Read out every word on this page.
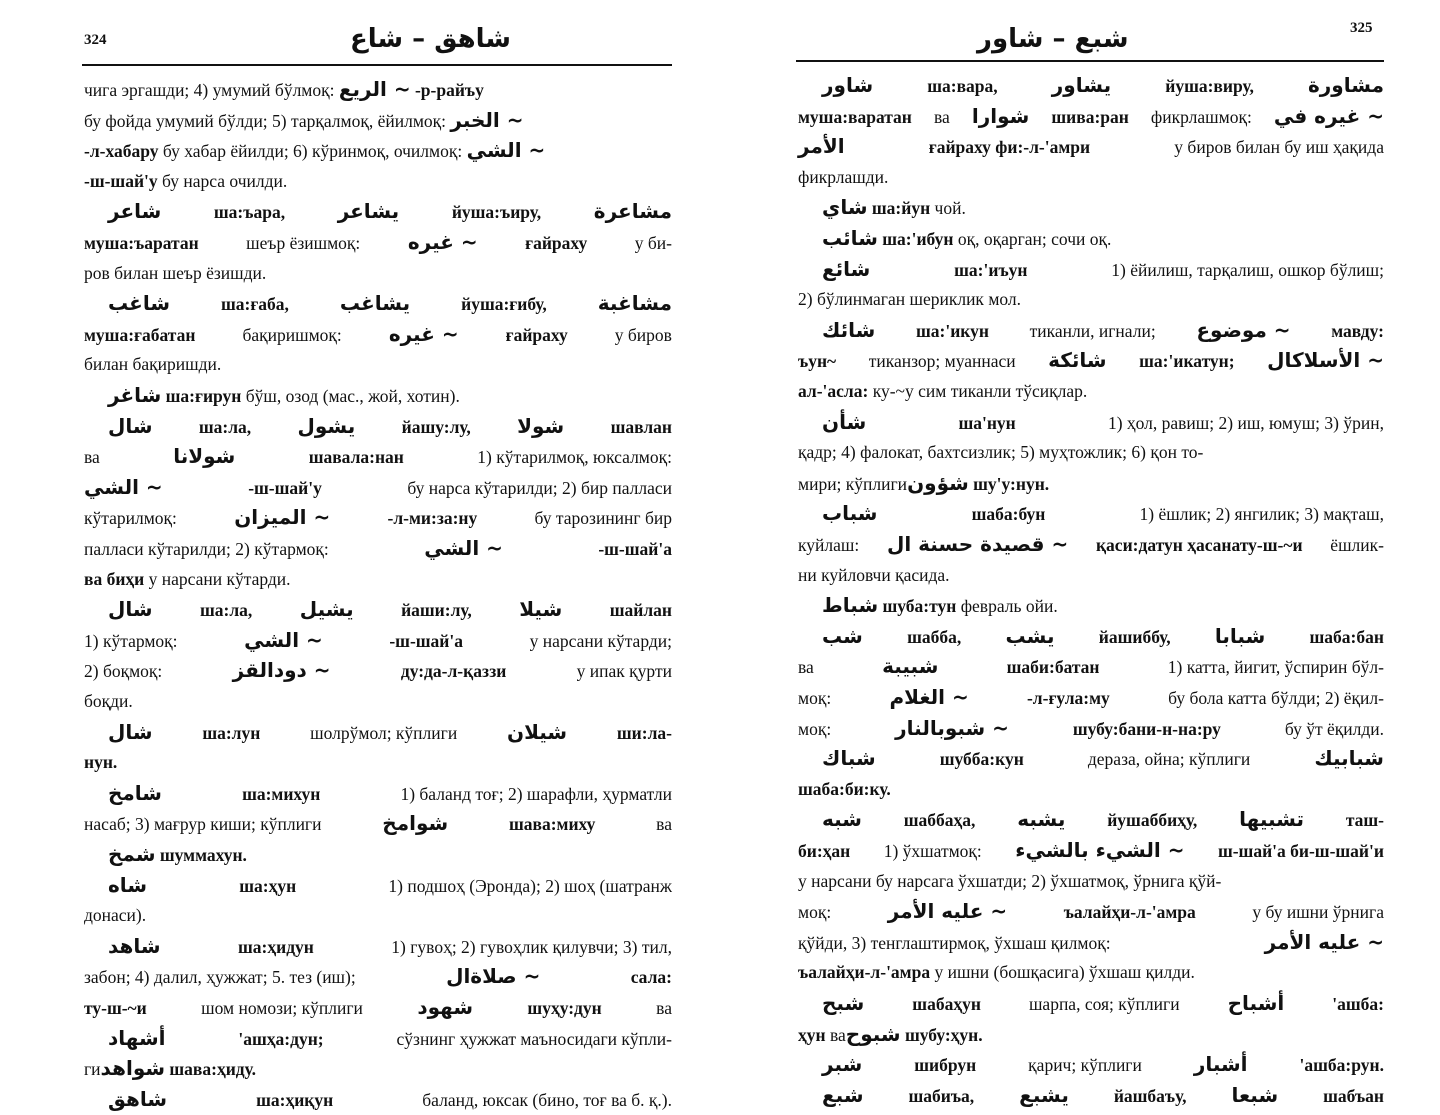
324	شاهق – شاع
чига эргашди; 4) умумий бўлмоқ: ~ الريع -р-райъу
бу фойда умумий бўлди; 5) тарқалмоқ, ёйилмоқ: ~ الخبر
-л-хабару бу хабар ёйилди; 6) кўринмоқ, очилмоқ: ~ الشي
-ш-шай'у бу нарса очилди.
شاعر	ша:ъара,	يشاعر	йуша:ъиру,	مشاعرة
муша:ъаратан	шеър ёзишмоқ: ~ غيره	ғайраху	у би-
ров билан шеър ёзишди.
شاغب	ша:ғаба,	يشاغب	йуша:ғибу,	مشاغبة
муша:ғабатан	бақиришмоқ: ~ غيره	ғайраху	у биров
билан бақиришди.
شاغر ша:ғирун бўш, озод (мас., жой, хотин).
شال	ша:ла, يشول	йашу:лу, شولا	шавлан
ва	شولانا	шавала:нан	1) кўтарилмоқ, юксалмоқ:
~ الشي	-ш-шай'у	бу нарса кўтарилди; 2) бир палласи
кўтарилмоқ:	~ الميزان	-л-ми:за:ну	бу тарозининг бир
палласи кўтарилди; 2) кўтармоқ:	~ الشي	-ш-шай'а
ва биҳи у нарсани кўтарди.
شال	ша:ла, يشيل	йаши:лу, شيلا	шайлан
1) кўтармоқ:	~ الشي	-ш-шай'а	у нарсани кўтарди;
2) боқмоқ:	~ دودالقز	ду:да-л-қаззи	у ипак қурти
боқди.
شال	ша:лун	шолрўмол; кўплиги شيلان	ши:ла-
нун.
شامخ	ша:михун	1) баланд тоғ; 2) шарафли, ҳурматли
насаб; 3) мағрур киши; кўплиги	شوامخ	шава:миху	ва
شمخ шуммахун.
شاه	ша:ҳун	1) подшоҳ (Эронда); 2) шоҳ (шатранж
донаси).
شاهد	ша:ҳидун	1) гувоҳ; 2) гувоҳлик қилувчи; 3) тил,
забон; 4) далил, ҳужжат; 5. тез (иш);	~ صلاةال	сала:
ту-ш-~и	шом номози; кўплиги	شهود	шуҳу:дун	ва
أشهاد	'ашҳа:дун;	сўзнинг ҳужжат маъносидаги кўпли-
гиشواهد шава:ҳиду.
شاهق	ша:ҳиқун	баланд, юксак (бино, тоғ ва б. қ.).
325
شبع – شاور
شاور	ша:вара,	يشاور	йуша:виру,	مشاورة
муша:варатан ва شوارا шива:ран фикрлашмоқ: ~ غيره في
الأمر	ғайраху фи:-л-'амри	у биров билан бу иш ҳақида
фикрлашди.
شاي ша:йун чой.
شائب ша:'ибун оқ, оқарган; сочи оқ.
شائع	ша:'иъун	1) ёйилиш, тарқалиш, ошкор бўлиш;
2) бўлинмаган шериклик мол.
شائك ша:'икун тиканли, игнали; ~ موضوع мавду:
ъун~ тиканзор; муаннаси شائكة ша:'икатун; ~ الأسلاكال
ал-'асла: ку-~у сим тиканли тўсиқлар.
شأن	ша'нун	1) ҳол, равиш; 2) иш, юмуш; 3) ўрин,
қадр; 4) фалокат, бахтсизлик; 5) муҳтожлик; 6) қон то-
мири; кўплигиشؤون шу'у:нун.
شباب	шаба:бун	1) ёшлик; 2) янгилик; 3) мақташ,
куйлаш: ~ قصيدة حسنة ال қаси:датун ҳасанату-ш-~и ёшлик-
ни куйловчи қасида.
شباط шуба:тун февраль ойи.
شب	шабба, يشب	йашиббу, شبابا	шаба:бан
ва	شبيبة	шаби:батан	1) катта, йигит, ўспирин бўл-
моқ:	~ الغلام	-л-ғула:му	бу бола катта бўлди; 2) ёқил-
моқ:	~ شبوبالنار	шубу:бани-н-на:ру	бу ўт ёқилди.
شباك	шубба:кун	дераза, ойна; кўплиги	شبابيك
шаба:би:ку.
شبه шаббаҳа, يشبه йушаббиҳу, تشبيها таш-
би:ҳан 1) ўхшатмоқ: ~ الشيء بالشيء ш-шай'а би-ш-шай'и
у нарсани бу нарсага ўхшатди; 2) ўхшатмоқ, ўрнига қўй-
моқ:	~ عليه الأمر	ъалайҳи-л-'амра	у бу ишни ўрнига
қўйди, 3) тенглаштирмоқ, ўхшаш қилмоқ:	~ عليه الأمر
ъалайҳи-л-'амра у ишни (бошқасига) ўхшаш қилди.
شبح	шабаҳун	шарпа, соя; кўплиги أشباح	'ашба:
ҳун ваشبوح шубу:ҳун.
شبر	шибрун	қарич; кўплиги	أشبار	'ашба:рун.
شبع	шабиъа, يشبع	йашбаъу, شبعا	шабъан
